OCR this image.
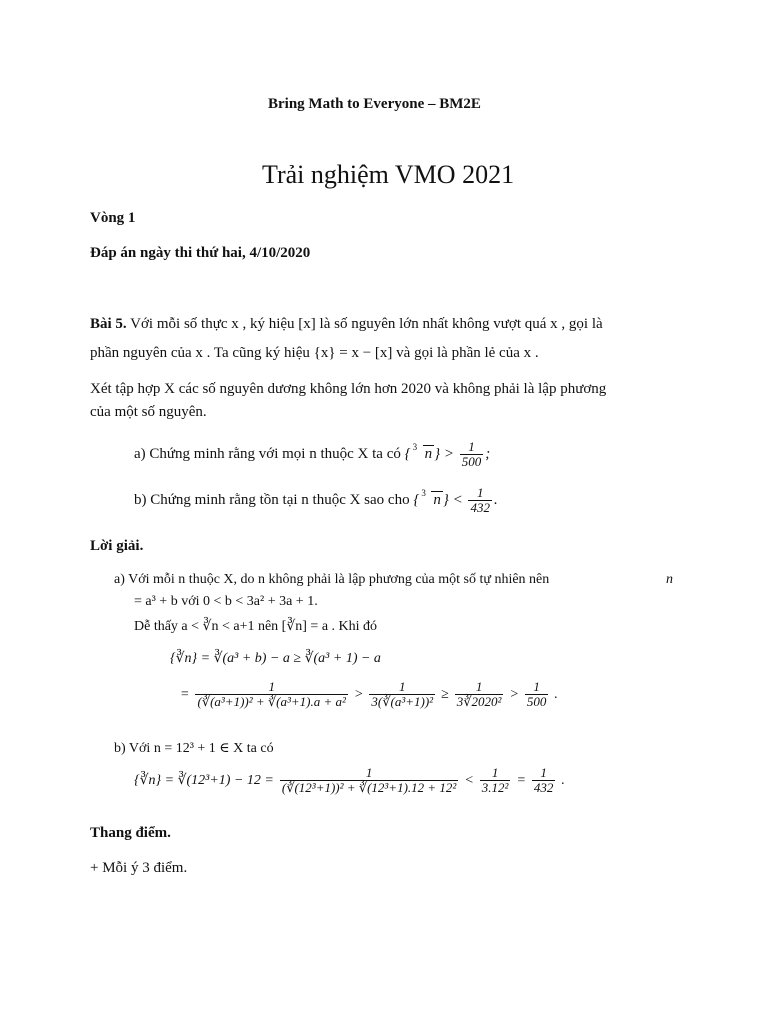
Bring Math to Everyone – BM2E
Trải nghiệm VMO 2021
Vòng 1
Đáp án ngày thi thứ hai, 4/10/2020
Bài 5. Với mỗi số thực x , ký hiệu [x] là số nguyên lớn nhất không vượt quá x , gọi là
phần nguyên của x . Ta cũng ký hiệu {x} = x − [x] và gọi là phần lẻ của x .
Xét tập hợp X các số nguyên dương không lớn hơn 2020 và không phải là lập phương
của một số nguyên.
a) Chứng minh rằng với mọi n thuộc X ta có { 3 n } > $\frac{1}{500}$ ;
b) Chứng minh rằng tồn tại n thuộc X sao cho { 3 n } < $\frac{1}{432}$ .
Lời giải.
a) Với mỗi n thuộc X, do n không phải là lập phương của một số tự nhiên nên	n
= a³ + b với 0 < b < 3a² + 3a + 1.
Dễ thấy a < ∛n < a+1 nên [∛n] = a . Khi đó
{∛n} = ∛(a³ + b) − a ≥ ∛(a³ + 1) − a
= $\frac{1}{\text{(∛(a³+1))² + ∛(a³+1).a + a²}} > \frac{1}{\text{3(∛(a³+1))²}} \ge \frac{1}{\text{3∛2020²}} > \frac{1}{500}$ .
b) Với n = 12³ + 1 ∈ X ta có
{∛n} = ∛(12³+1) − $12 = \frac{1}{\text{(∛(12³+1))² + ∛(12³+1).12 + 12²}} < \frac{1}{\text{3.12²}} = \frac{1}{432}$ .
Thang điểm.
+ Mỗi ý 3 điểm.
